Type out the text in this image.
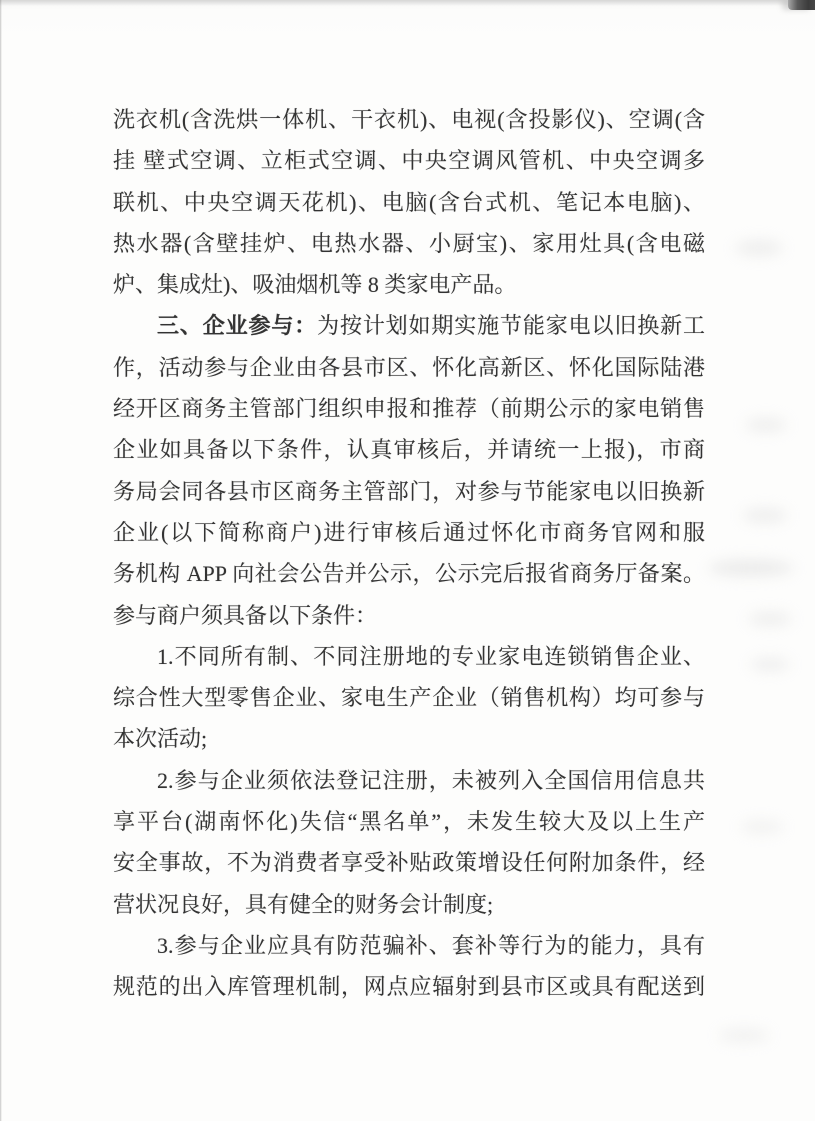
洗衣机(含洗烘一体机、干衣机)、电视(含投影仪)、空调(含
挂 壁式空调、立柜式空调、中央空调风管机、中央空调多
联机、中央空调天花机)、电脑(含台式机、笔记本电脑)、
热水器(含壁挂炉、电热水器、小厨宝)、家用灶具(含电磁
炉、集成灶)、吸油烟机等 8 类家电产品。
三、企业参与：为按计划如期实施节能家电以旧换新工
作，活动参与企业由各县市区、怀化高新区、怀化国际陆港
经开区商务主管部门组织申报和推荐（前期公示的家电销售
企业如具备以下条件，认真审核后，并请统一上报)，市商
务局会同各县市区商务主管部门，对参与节能家电以旧换新
企业(以下简称商户)进行审核后通过怀化市商务官网和服
务机构 APP 向社会公告并公示，公示完后报省商务厅备案。
参与商户须具备以下条件：
1.不同所有制、不同注册地的专业家电连锁销售企业、
综合性大型零售企业、家电生产企业（销售机构）均可参与
本次活动;
2.参与企业须依法登记注册，未被列入全国信用信息共
享平台(湖南怀化)失信“黑名单”，未发生较大及以上生产
安全事故，不为消费者享受补贴政策增设任何附加条件，经
营状况良好，具有健全的财务会计制度;
3.参与企业应具有防范骗补、套补等行为的能力，具有
规范的出入库管理机制，网点应辐射到县市区或具有配送到
